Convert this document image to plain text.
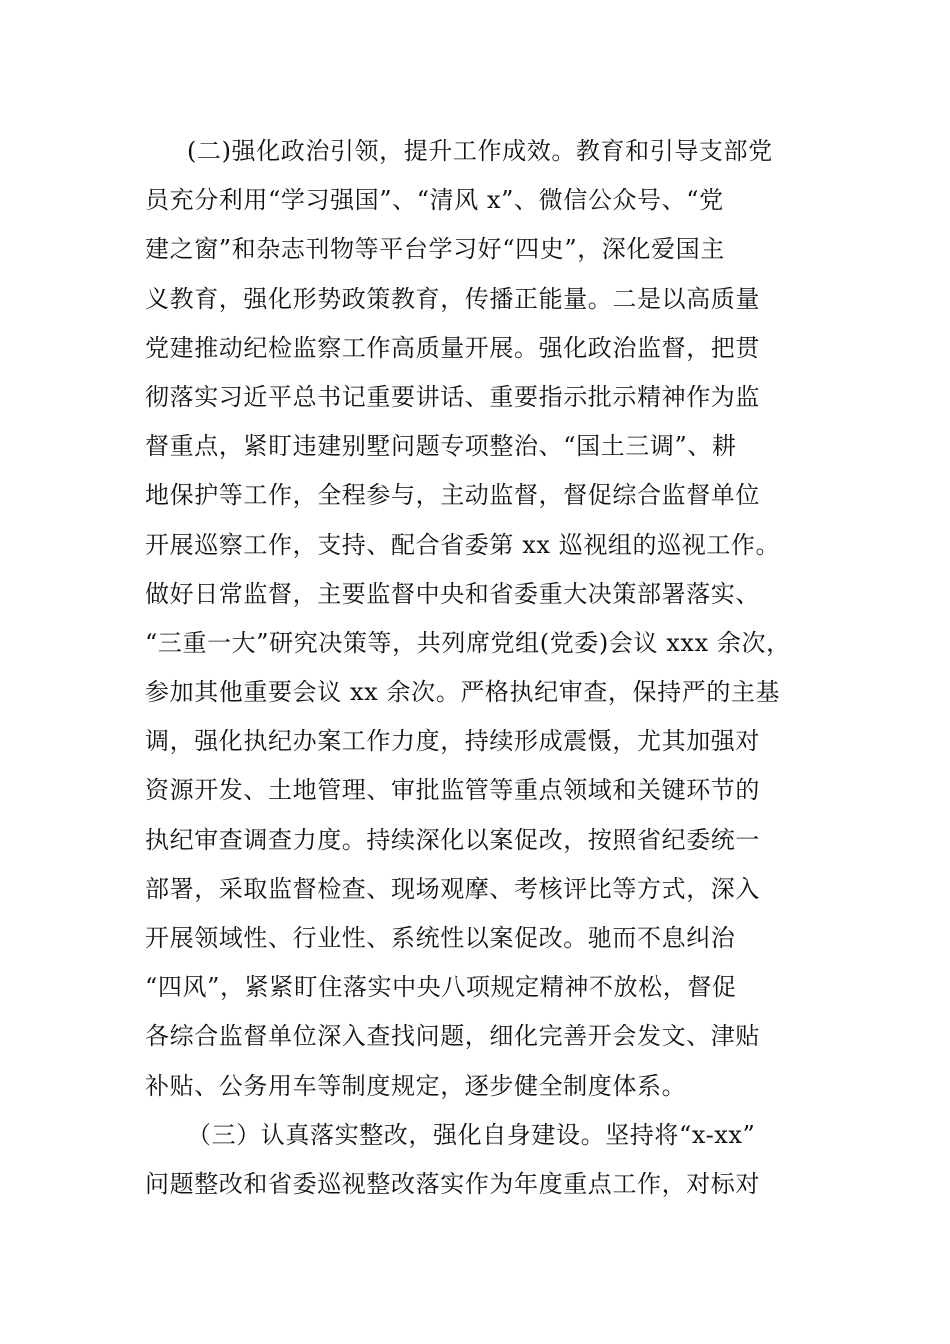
(二)强化政治引领，提升工作成效。教育和引导支部党
员充分利用“学习强国”、“清风 x”、微信公众号、“党
建之窗”和杂志刊物等平台学习好“四史”，深化爱国主
义教育，强化形势政策教育，传播正能量。二是以高质量
党建推动纪检监察工作高质量开展。强化政治监督，把贯
彻落实习近平总书记重要讲话、重要指示批示精神作为监
督重点，紧盯违建别墅问题专项整治、“国土三调”、耕
地保护等工作，全程参与，主动监督，督促综合监督单位
开展巡察工作，支持、配合省委第 xx 巡视组的巡视工作。
做好日常监督，主要监督中央和省委重大决策部署落实、
“三重一大”研究决策等，共列席党组(党委)会议 xxx 余次，
参加其他重要会议 xx 余次。严格执纪审查，保持严的主基
调，强化执纪办案工作力度，持续形成震慑，尤其加强对
资源开发、土地管理、审批监管等重点领域和关键环节的
执纪审查调查力度。持续深化以案促改，按照省纪委统一
部署，采取监督检查、现场观摩、考核评比等方式，深入
开展领域性、行业性、系统性以案促改。驰而不息纠治
“四风”，紧紧盯住落实中央八项规定精神不放松，督促
各综合监督单位深入查找问题，细化完善开会发文、津贴
补贴、公务用车等制度规定，逐步健全制度体系。
（三）认真落实整改，强化自身建设。坚持将“x-xx”
问题整改和省委巡视整改落实作为年度重点工作，对标对
